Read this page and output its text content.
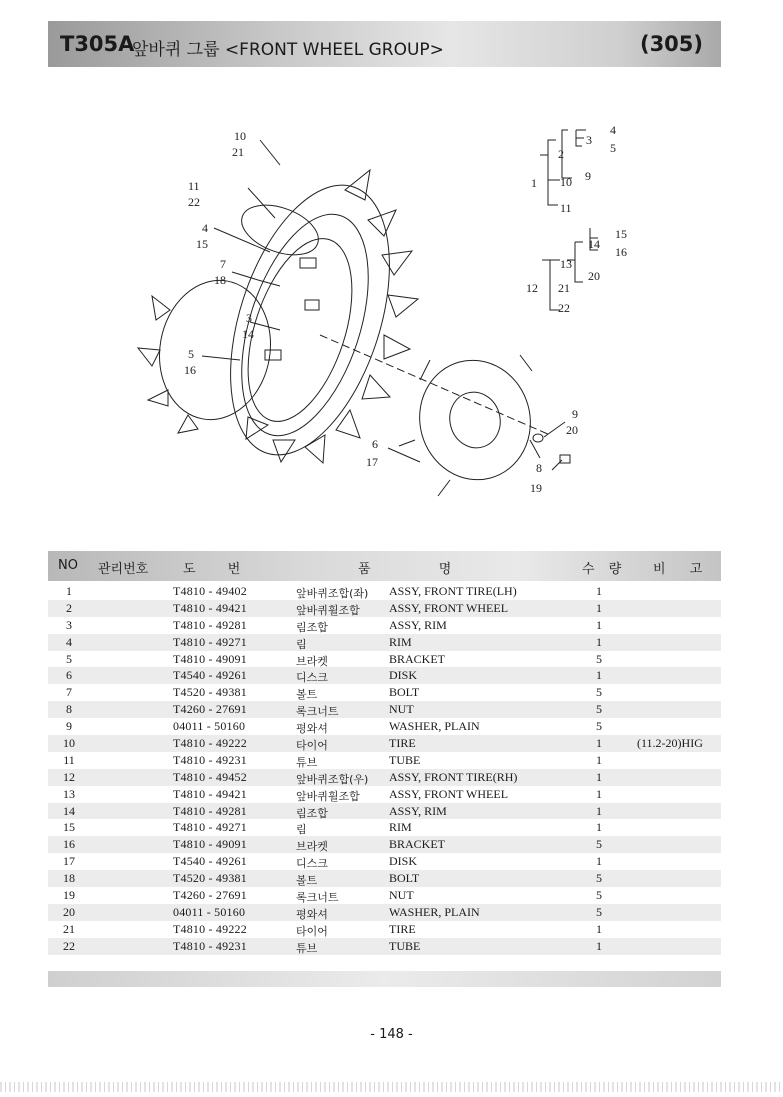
T305A
앞바퀴 그룹 <FRONT WHEEL GROUP>	(305)
10
21
11
22
4
15
7
18
3
14
5
16
6
17
9
20
8
19
1
2
3
4
5
10 9
11
12
13
14
15
16
20
21
22
NO 관리번호	도 번	품 명	수 량 비 고
1	T4810 - 49402	앞바퀴조합(좌) ASSY, FRONT TIRE(LH)	1
2	T4810 - 49421	앞바퀴휠조합 ASSY, FRONT WHEEL	1
3	T4810 - 49281	림조합	ASSY, RIM	1
4	T4810 - 49271	림	RIM	1
5	T4810 - 49091	브라켓	BRACKET	5
6	T4540 - 49261	디스크	DISK	1
7	T4520 - 49381	볼트	BOLT	5
8	T4260 - 27691	록크너트	NUT	5
9	04011 - 50160	평와셔	WASHER, PLAIN	5
10	T4810 - 49222	타이어	TIRE	1	(11.2-20)HIG
11	T4810 - 49231	튜브	TUBE	1
12	T4810 - 49452	앞바퀴조합(우) ASSY, FRONT TIRE(RH)	1
13	T4810 - 49421	앞바퀴휠조합 ASSY, FRONT WHEEL	1
14	T4810 - 49281	림조합	ASSY, RIM	1
15	T4810 - 49271	림	RIM	1
16	T4810 - 49091	브라켓	BRACKET	5
17	T4540 - 49261	디스크	DISK	1
18	T4520 - 49381	볼트	BOLT	5
19	T4260 - 27691	록크너트	NUT	5
20	04011 - 50160	평와셔	WASHER, PLAIN	5
21	T4810 - 49222	타이어	TIRE	1
22	T4810 - 49231	튜브	TUBE	1
- 148 -
